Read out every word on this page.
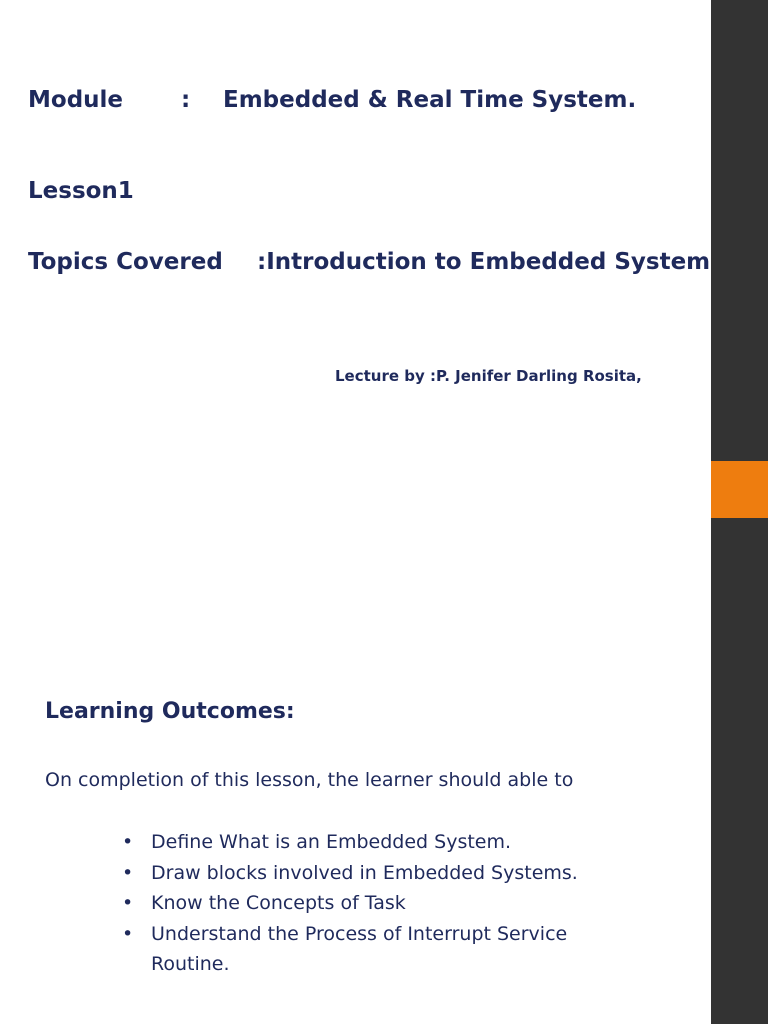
Module	: Embedded & Real Time System.
Lesson1
Topics Covered :Introduction to Embedded System
Lecture by :P. Jenifer Darling Rosita,
Learning Outcomes:
On completion of this lesson, the learner should able to
• Define What is an Embedded System.
• Draw blocks involved in Embedded Systems.
• Know the Concepts of Task
• Understand the Process of Interrupt Service Routine.
